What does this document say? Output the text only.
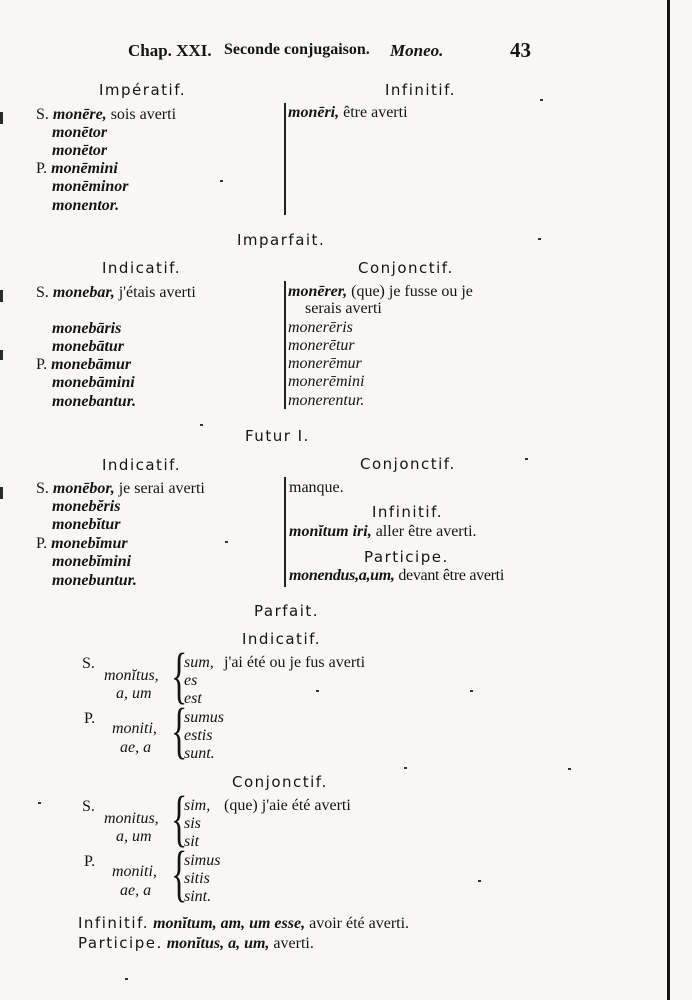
Chap. XXI. Seconde conjugaison. Moneo.	43
Impératif.
S. monēre, sois averti
monētor
monētor
P. monēmini
monēminor
monentor.
Infinitif.
monēri, être averti
Imparfait.
Indicatif.
S. monebar, j'étais averti
monebāris
monebātur
P. monebāmur
monebāmini
monebantur.
Conjonctif.
monērer, (que) je fusse ou je
serais averti
monerēris
monerētur
monerēmur
monerēmini
monerentur.
Futur I.
Indicatif.
S. monēbor, je serai averti
monebĕris
monebĭtur
P. monebĭmur
monebĭmini
monebuntur.
Conjonctif.
manque.
Infinitif.
monĭtum iri, aller être averti.
Participe.
monendus,a,um, devant être averti
Parfait.
Indicatif.
S.
monĭtus,
a, um {
sum, j'ai été ou je fus averti
es
est
P.
moniti,
ae, a {
sumus
estis
sunt.
Conjonctif.
S.
monitus,
a, um {
sim, (que) j'aie été averti
sis
sit
P.
moniti,
ae, a {
simus
sitis
sint.
Infinitif. monĭtum, am, um esse, avoir été averti.
Participe. monĭtus, a, um, averti.
